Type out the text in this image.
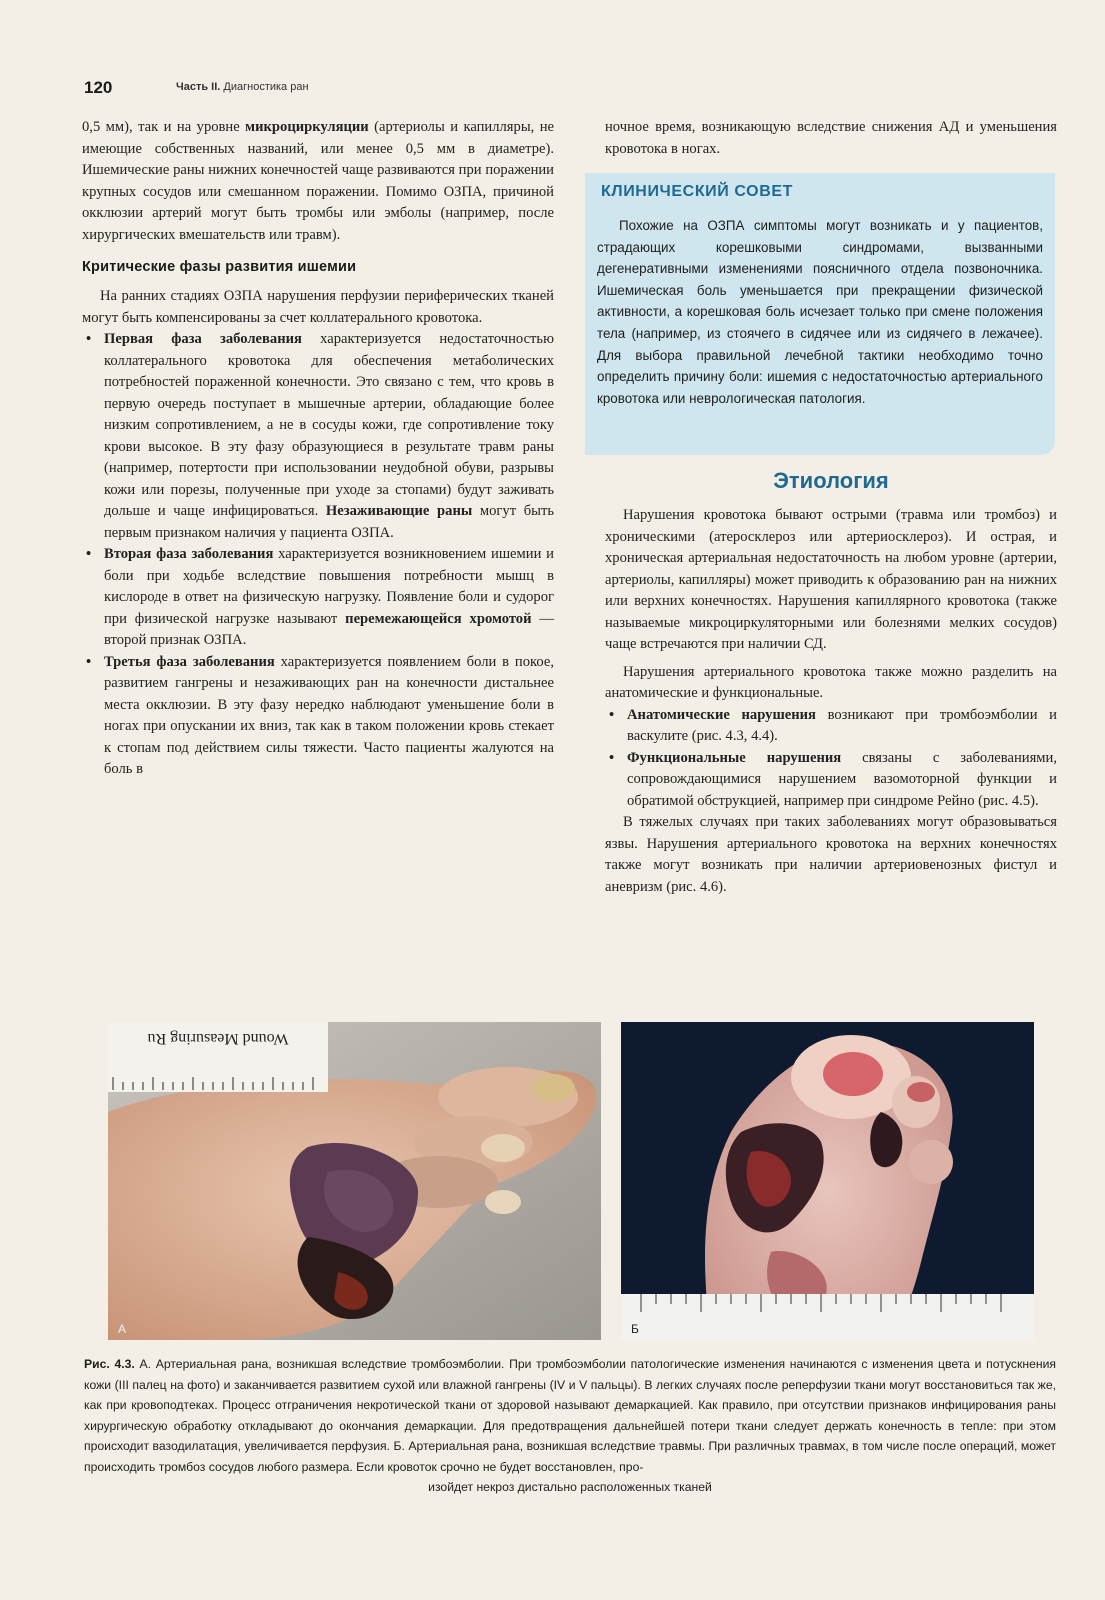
120	Часть II. Диагностика ран

0,5 мм), так и на уровне микроциркуляции (артериолы и капилляры, не имеющие собственных названий, или менее 0,5 мм в диаметре). Ишемические раны нижних конечностей чаще развиваются при поражении крупных сосудов или смешанном поражении. Помимо ОЗПА, причиной окклюзии артерий могут быть тромбы или эмболы (например, после хирургических вмешательств или травм).

Критические фазы развития ишемии

На ранних стадиях ОЗПА нарушения перфузии периферических тканей могут быть компенсированы за счет коллатерального кровотока.

• Первая фаза заболевания характеризуется недостаточностью коллатерального кровотока для обеспечения метаболических потребностей пораженной конечности. Это связано с тем, что кровь в первую очередь поступает в мышечные артерии, обладающие более низким сопротивлением, а не в сосуды кожи, где сопротивление току крови высокое. В эту фазу образующиеся в результате травм раны (например, потертости при использовании неудобной обуви, разрывы кожи или порезы, полученные при уходе за стопами) будут заживать дольше и чаще инфицироваться. Незаживающие раны могут быть первым признаком наличия у пациента ОЗПА.
• Вторая фаза заболевания характеризуется возникновением ишемии и боли при ходьбе вследствие повышения потребности мышц в кислороде в ответ на физическую нагрузку. Появление боли и судорог при физической нагрузке называют перемежающейся хромотой — второй признак ОЗПА.
• Третья фаза заболевания характеризуется появлением боли в покое, развитием гангрены и незаживающих ран на конечности дистальнее места окклюзии. В эту фазу нередко наблюдают уменьшение боли в ногах при опускании их вниз, так как в таком положении кровь стекает к стопам под действием силы тяжести. Часто пациенты жалуются на боль в

ночное время, возникающую вследствие снижения АД и уменьшения кровотока в ногах.

КЛИНИЧЕСКИЙ СОВЕТ
Похожие на ОЗПА симптомы могут возникать и у пациентов, страдающих корешковыми синдромами, вызванными дегенеративными изменениями поясничного отдела позвоночника. Ишемическая боль уменьшается при прекращении физической активности, а корешковая боль исчезает только при смене положения тела (например, из стоячего в сидячее или из сидячего в лежачее). Для выбора правильной лечебной тактики необходимо точно определить причину боли: ишемия с недостаточностью артериального кровотока или неврологическая патология.
Этиология

Нарушения кровотока бывают острыми (травма или тромбоз) и хроническими (атеросклероз или артериосклероз). И острая, и хроническая артериальная недостаточность на любом уровне (артерии, артериолы, капилляры) может приводить к образованию ран на нижних или верхних конечностях. Нарушения капиллярного кровотока (также называемые микроциркуляторными или болезнями мелких сосудов) чаще встречаются при наличии СД.

Нарушения артериального кровотока также можно разделить на анатомические и функциональные.

• Анатомические нарушения возникают при тромбоэмболии и васкулите (рис. 4.3, 4.4).
• Функциональные нарушения связаны с заболеваниями, сопровождающимися нарушением вазомоторной функции и обратимой обструкцией, например при синдроме Рейно (рис. 4.5).

В тяжелых случаях при таких заболеваниях могут образовываться язвы. Нарушения артериального кровотока на верхних конечностях также могут возникать при наличии артериовенозных фистул и аневризм (рис. 4.6).

Wound Measuring Ru
А	Б
Рис. 4.3. А. Артериальная рана, возникшая вследствие тромбоэмболии. При тромбоэмболии патологические изменения начинаются с изменения цвета и потускнения кожи (III палец на фото) и заканчивается развитием сухой или влажной гангрены (IV и V пальцы). В легких случаях после реперфузии ткани могут восстановиться так же, как при кровоподтеках. Процесс отграничения некротической ткани от здоровой называют демаркацией. Как правило, при отсутствии признаков инфицирования раны хирургическую обработку откладывают до окончания демаркации. Для предотвращения дальнейшей потери ткани следует держать конечность в тепле: при этом происходит вазодилатация, увеличивается перфузия. Б. Артериальная рана, возникшая вследствие травмы. При различных травмах, в том числе после операций, может происходить тромбоз сосудов любого размера. Если кровоток срочно не будет восстановлен, про-
изойдет некроз дистально расположенных тканей
